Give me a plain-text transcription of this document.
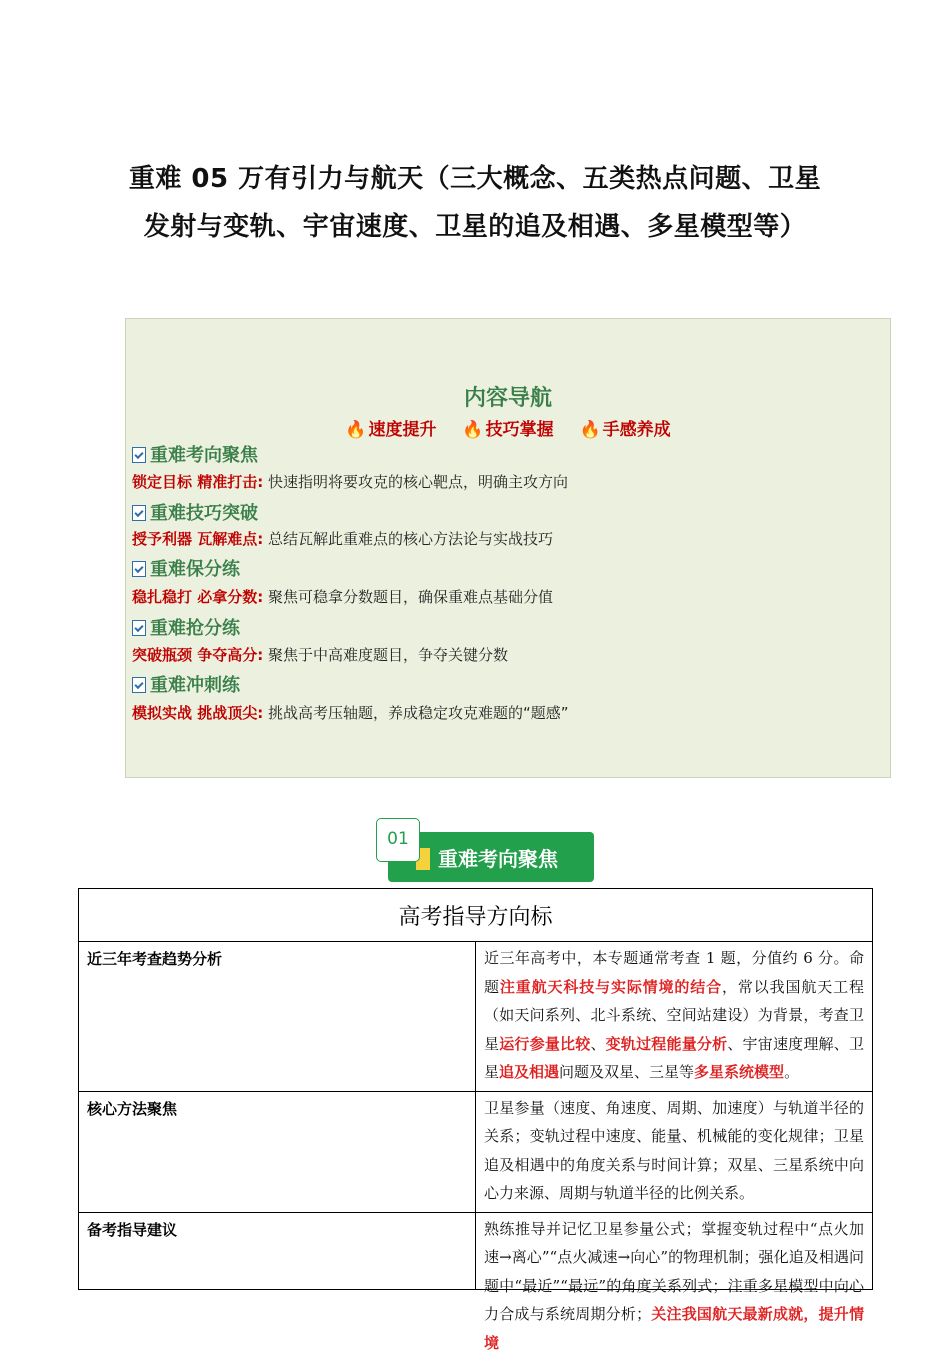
重难 05 万有引力与航天（三大概念、五类热点问题、卫星
发射与变轨、宇宙速度、卫星的追及相遇、多星模型等）
内容导航
🔥 速度提升 🔥 技巧掌握 🔥 手感养成
重难考向聚焦
锁定目标 精准打击: 快速指明将要攻克的核心靶点，明确主攻方向
重难技巧突破
授予利器 瓦解难点: 总结瓦解此重难点的核心方法论与实战技巧
重难保分练
稳扎稳打 必拿分数: 聚焦可稳拿分数题目，确保重难点基础分值
重难抢分练
突破瓶颈 争夺高分: 聚焦于中高难度题目，争夺关键分数
重难冲刺练
模拟实战 挑战顶尖: 挑战高考压轴题，养成稳定攻克难题的“题感”
重难考向聚焦
01
高考指导方向标	
近三年考查趋势分析	近三年高考中，本专题通常考查 1 题，分值约 6 分。命题注重航天科技与实际情境的结合，常以我国航天工程（如天问系列、北斗系统、空间站建设）为背景，考查卫星运行参量比较、变轨过程能量分析、宇宙速度理解、卫星追及相遇问题及双星、三星等多星系统模型。
核心方法聚焦	卫星参量（速度、角速度、周期、加速度）与轨道半径的关系；变轨过程中速度、能量、机械能的变化规律；卫星追及相遇中的角度关系与时间计算；双星、三星系统中向心力来源、周期与轨道半径的比例关系。
备考指导建议	熟练推导并记忆卫星参量公式；掌握变轨过程中“点火加速→离心”“点火减速→向心”的物理机制；强化追及相遇问题中“最近”“最远”的角度关系列式；注重多星模型中向心力合成与系统周期分析；关注我国航天最新成就，提升情境
